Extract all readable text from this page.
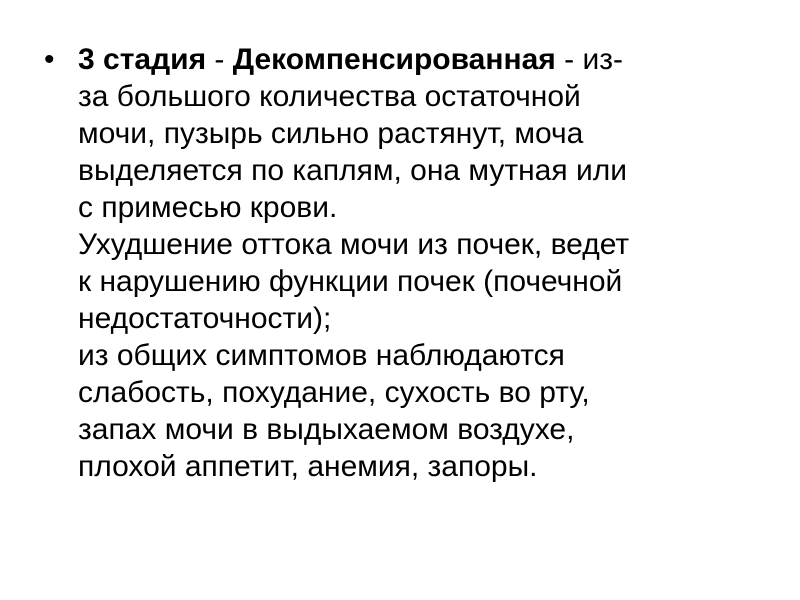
• 3 стадия - Декомпенсированная - из-
за большого количества остаточной
мочи, пузырь сильно растянут, моча
выделяется по каплям, она мутная или
с примесью крови.
Ухудшение оттока мочи из почек, ведет
к нарушению функции почек (почечной
недостаточности);
из общих симптомов наблюдаются
слабость, похудание, сухость во рту,
запах мочи в выдыхаемом воздухе,
плохой аппетит, анемия, запоры.
